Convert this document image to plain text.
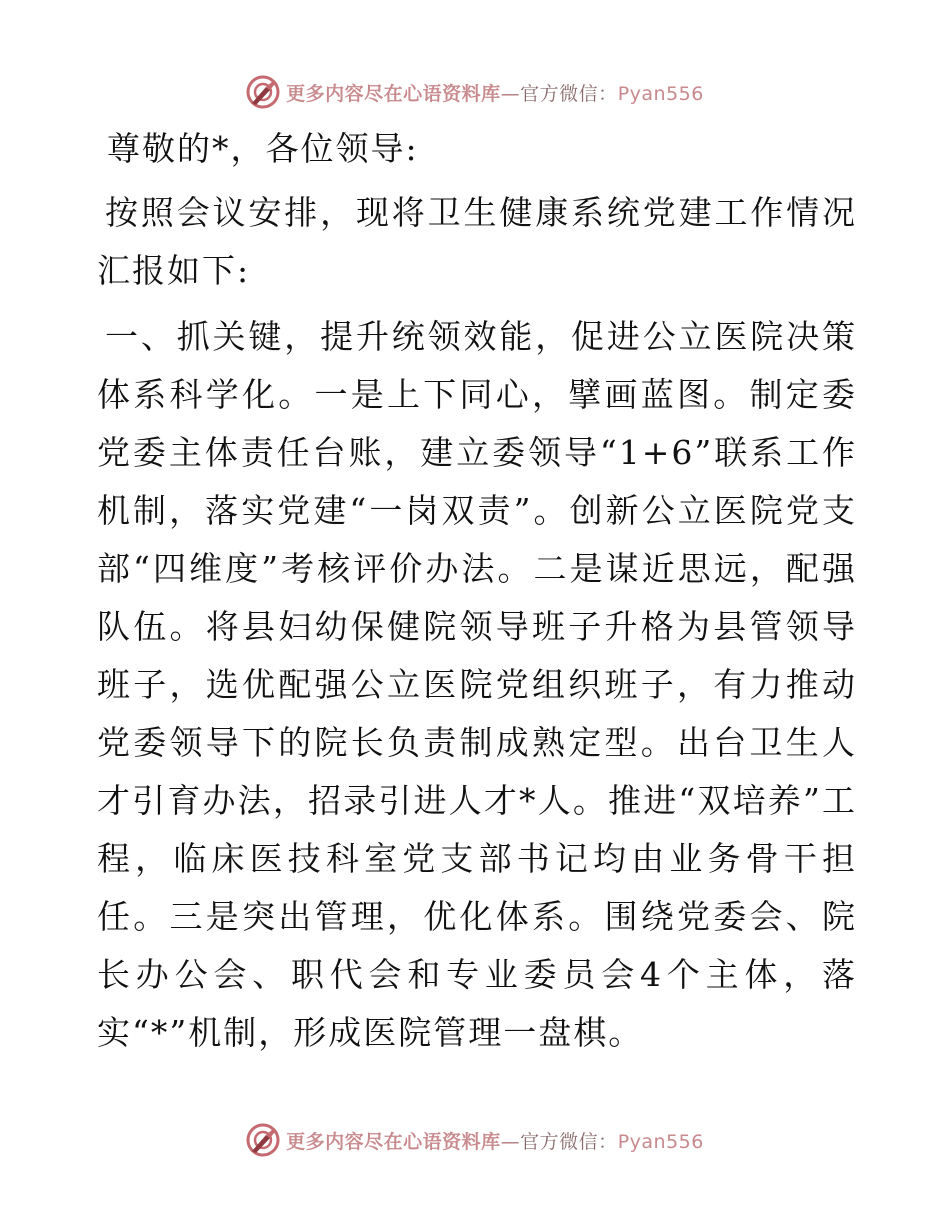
更多内容尽在心语资料库—官方微信：Pyan556

尊敬的*，各位领导:

按照会议安排，现将卫生健康系统党建工作情况汇报如下:

一、抓关键，提升统领效能，促进公立医院决策体系科学化。一是上下同心，擘画蓝图。制定委党委主体责任台账，建立委领导“1+6”联系工作机制，落实党建“一岗双责”。创新公立医院党支部“四维度”考核评价办法。二是谋近思远，配强队伍。将县妇幼保健院领导班子升格为县管领导班子，选优配强公立医院党组织班子，有力推动党委领导下的院长负责制成熟定型。出台卫生人才引育办法，招录引进人才*人。推进“双培养”工程，临床医技科室党支部书记均由业务骨干担任。三是突出管理，优化体系。围绕党委会、院长办公会、职代会和专业委员会4个主体，落实“*”机制，形成医院管理一盘棋。

更多内容尽在心语资料库—官方微信：Pyan556
